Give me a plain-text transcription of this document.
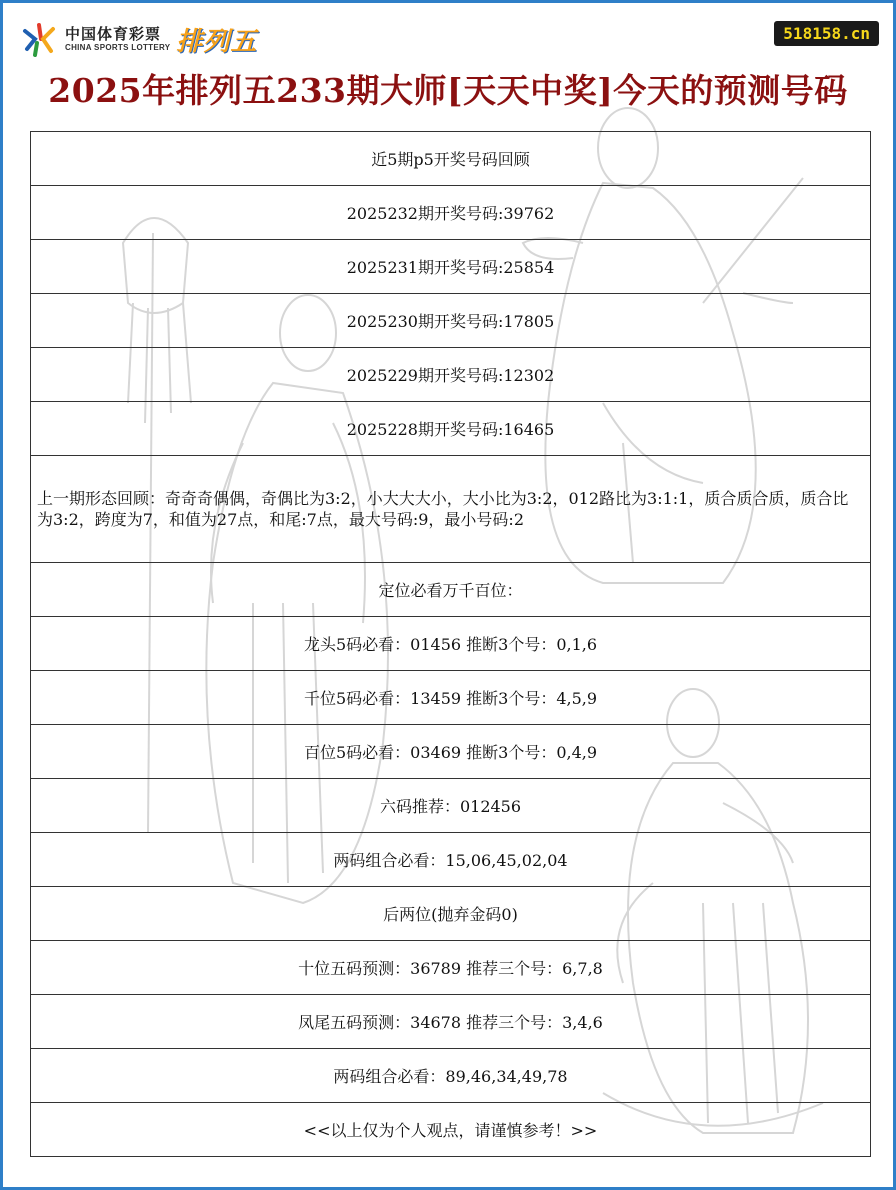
中国体育彩票
CHINA SPORTS LOTTERY 排列五	518158.cn
2025年排列五233期大师[天天中奖]今天的预测号码
近5期p5开奖号码回顾
2025232期开奖号码:39762
2025231期开奖号码:25854
2025230期开奖号码:17805
2025229期开奖号码:12302
2025228期开奖号码:16465
上一期形态回顾：奇奇奇偶偶，奇偶比为3:2，小大大大小，大小比为3:2，012路比为3:1:1，质合质合质，质合比为3:2，跨度为7，和值为27点，和尾:7点，最大号码:9，最小号码:2
定位必看万千百位：
龙头5码必看：01456 推断3个号：0,1,6
千位5码必看：13459 推断3个号：4,5,9
百位5码必看：03469 推断3个号：0,4,9
六码推荐：012456
两码组合必看：15,06,45,02,04
后两位(抛弃金码0)
十位五码预测：36789 推荐三个号：6,7,8
凤尾五码预测：34678 推荐三个号：3,4,6
两码组合必看：89,46,34,49,78
<<以上仅为个人观点，请谨慎参考！>>
